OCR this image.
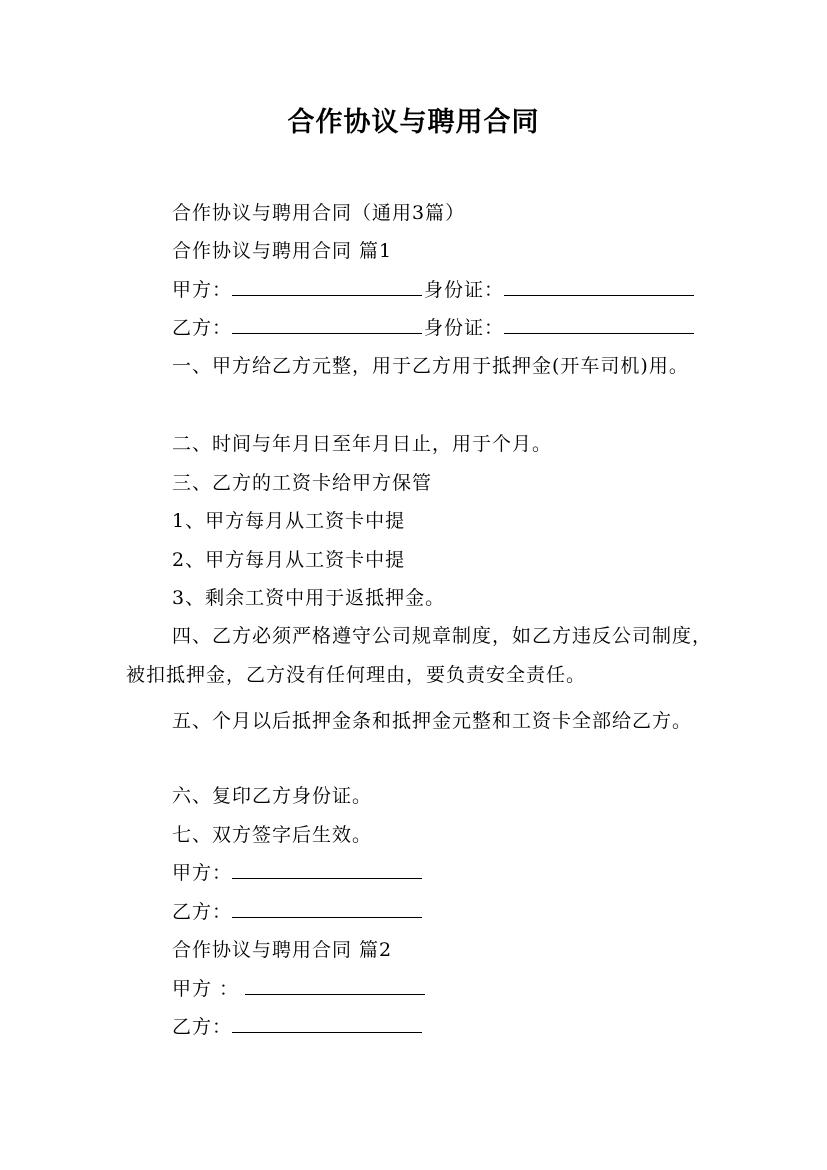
合作协议与聘用合同
合作协议与聘用合同（通用3篇）
合作协议与聘用合同 篇1
甲方：	身份证：
乙方：	身份证：
一、甲方给乙方元整，用于乙方用于抵押金(开车司机)用。
二、时间与年月日至年月日止，用于个月。
三、乙方的工资卡给甲方保管
1、甲方每月从工资卡中提
2、甲方每月从工资卡中提
3、剩余工资中用于返抵押金。
四、乙方必须严格遵守公司规章制度，如乙方违反公司制度，被扣抵押金，乙方没有任何理由，要负责安全责任。
五、个月以后抵押金条和抵押金元整和工资卡全部给乙方。
六、复印乙方身份证。
七、双方签字后生效。
甲方：
乙方：
合作协议与聘用合同 篇2
甲方 ：
乙方：
